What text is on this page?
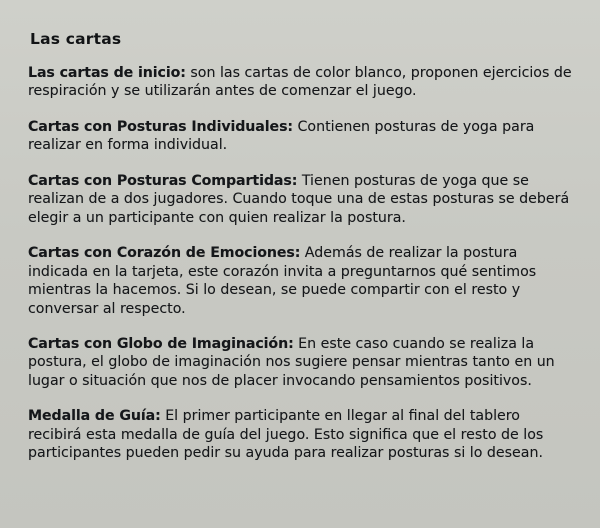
Las cartas

Las cartas de inicio: son las cartas de color blanco, proponen ejercicios de respiración y se utilizarán antes de comenzar el juego.

Cartas con Posturas Individuales: Contienen posturas de yoga para realizar en forma individual.

Cartas con Posturas Compartidas: Tienen posturas de yoga que se realizan de a dos jugadores. Cuando toque una de estas posturas se deberá elegir a un participante con quien realizar la postura.

Cartas con Corazón de Emociones: Además de realizar la postura indicada en la tarjeta, este corazón invita a preguntarnos qué sentimos mientras la hacemos. Si lo desean, se puede compartir con el resto y conversar al respecto.

Cartas con Globo de Imaginación: En este caso cuando se realiza la postura, el globo de imaginación nos sugiere pensar mientras tanto en un lugar o situación que nos de placer invocando pensamientos positivos.

Medalla de Guía: El primer participante en llegar al final del tablero recibirá esta medalla de guía del juego. Esto significa que el resto de los participantes pueden pedir su ayuda para realizar posturas si lo desean.
